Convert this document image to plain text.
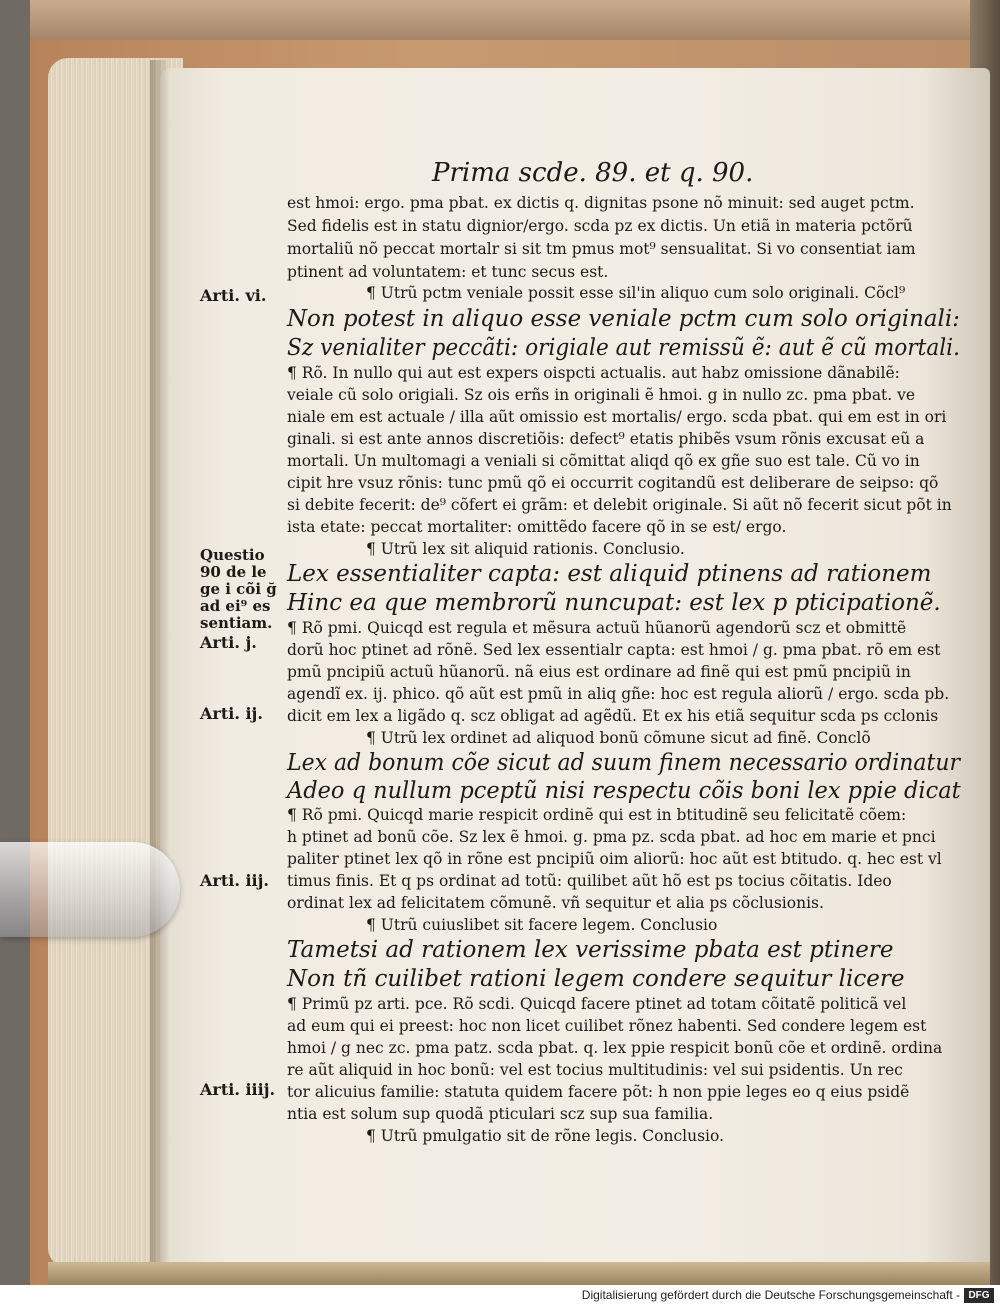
Prima scde. 89. et q. 90.
est hmoi: ergo. pma pbat. ex dictis q. dignitas psone nõ minuit: sed auget pctm.
Sed fidelis est in statu dignior/ergo. scda pz ex dictis. Un etiã in materia pctõrũ
mortaliũ nõ peccat mortalr si sit tm pmus mot⁹ sensualitat. Si vo consentiat iam
ptinent ad voluntatem: et tunc secus est.
¶ Utrũ pctm veniale possit esse sil'in aliquo cum solo originali. Cõcl⁹
Non potest in aliquo esse veniale pctm cum solo originali:
Sz venialiter peccãti: origiale aut remissũ ẽ: aut ẽ cũ mortali.
¶ Rõ. In nullo qui aut est expers oispcti actualis. aut habz omissione dãnabilẽ:
veiale cũ solo origiali. Sz ois erñs in originali ẽ hmoi. g in nullo zc. pma pbat. ve
niale em est actuale / illa aũt omissio est mortalis/ ergo. scda pbat. qui em est in ori
ginali. si est ante annos discretiõis: defect⁹ etatis phibẽs vsum rõnis excusat eũ a
mortali. Un multomagi a veniali si cõmittat aliqd qõ ex gñe suo est tale. Cũ vo in
cipit hre vsuz rõnis: tunc pmũ qõ ei occurrit cogitandũ est deliberare de seipso: qõ
si debite fecerit: de⁹ cõfert ei grãm: et delebit originale. Si aũt nõ fecerit sicut põt in
ista etate: peccat mortaliter: omittẽdo facere qõ in se est/ ergo.
¶ Utrũ lex sit aliquid rationis. Conclusio.
Lex essentialiter capta: est aliquid ptinens ad rationem
Hinc ea que membrorũ nuncupat: est lex p pticipationẽ.
¶ Rõ pmi. Quicqd est regula et mẽsura actuũ hũanorũ agendorũ scz et obmittẽ
dorũ hoc ptinet ad rõnẽ. Sed lex essentialr capta: est hmoi / g. pma pbat. rõ em est
pmũ pncipiũ actuũ hũanorũ. nã eius est ordinare ad finẽ qui est pmũ pncipiũ in
agendĩ ex. ij. phico. qõ aũt est pmũ in aliq gñe: hoc est regula aliorũ / ergo. scda pb.
dicit em lex a ligãdo q. scz obligat ad agẽdũ. Et ex his etiã sequitur scda ps cclonis
¶ Utrũ lex ordinet ad aliquod bonũ cõmune sicut ad finẽ. Conclõ
Lex ad bonum cõe sicut ad suum finem necessario ordinatur
Adeo q nullum pceptũ nisi respectu cõis boni lex ppie dicat
¶ Rõ pmi. Quicqd marie respicit ordinẽ qui est in btitudinẽ seu felicitatẽ cõem:
h ptinet ad bonũ cõe. Sz lex ẽ hmoi. g. pma pz. scda pbat. ad hoc em marie et pnci
paliter ptinet lex qõ in rõne est pncipiũ oim aliorũ: hoc aũt est btitudo. q. hec est vl
timus finis. Et q ps ordinat ad totũ: quilibet aũt hõ est ps tocius cõitatis. Ideo
ordinat lex ad felicitatem cõmunẽ. vñ sequitur et alia ps cõclusionis.
¶ Utrũ cuiuslibet sit facere legem. Conclusio
Tametsi ad rationem lex verissime pbata est ptinere
Non tñ cuilibet rationi legem condere sequitur licere
¶ Primũ pz arti. pce. Rõ scdi. Quicqd facere ptinet ad totam cõitatẽ politicã vel
ad eum qui ei preest: hoc non licet cuilibet rõnez habenti. Sed condere legem est
hmoi / g nec zc. pma patz. scda pbat. q. lex ppie respicit bonũ cõe et ordinẽ. ordina
re aũt aliquid in hoc bonũ: vel est tocius multitudinis: vel sui psidentis. Un rec
tor alicuius familie: statuta quidem facere põt: h non ppie leges eo q eius psidẽ
ntia est solum sup quodã pticulari scz sup sua familia.
¶ Utrũ pmulgatio sit de rõne legis. Conclusio.
Arti. vi.
Questio
90 de le
ge i cõi ğ
ad ei⁹ es
sentiam.
Arti. j.
Arti. ij.
Arti. iij.
Arti. iiij.
Digitalisierung gefördert durch die Deutsche Forschungsgemeinschaft - DFG
